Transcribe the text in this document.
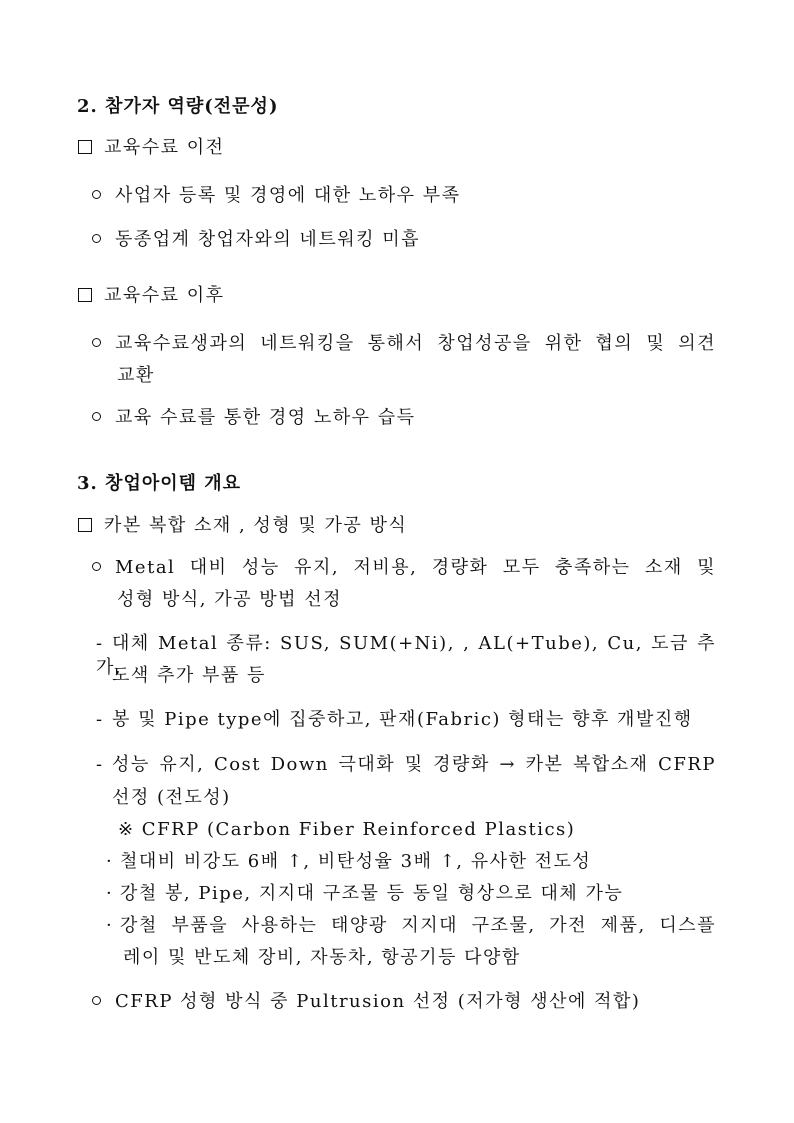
2. 참가자 역량(전문성)
교육수료 이전
사업자 등록 및 경영에 대한 노하우 부족
동종업계 창업자와의 네트워킹 미흡
교육수료 이후
교육수료생과의 네트워킹을 통해서 창업성공을 위한 협의 및 의견
교환
교육 수료를 통한 경영 노하우 습득
3. 창업아이템 개요
카본 복합 소재 , 성형 및 가공 방식
Metal 대비 성능 유지, 저비용, 경량화 모두 충족하는 소재 및
성형 방식, 가공 방법 선정
- 대체 Metal 종류: SUS, SUM(+Ni), , AL(+Tube), Cu, 도금 추가,
도색 추가 부품 등
- 봉 및 Pipe type에 집중하고, 판재(Fabric) 형태는 향후 개발진행
- 성능 유지, Cost Down 극대화 및 경량화 → 카본 복합소재 CFRP
선정 (전도성)
※ CFRP (Carbon Fiber Reinforced Plastics)
· 철대비 비강도 6배 ↑, 비탄성율 3배 ↑, 유사한 전도성
· 강철 봉, Pipe, 지지대 구조물 등 동일 형상으로 대체 가능
· 강철 부품을 사용하는 태양광 지지대 구조물, 가전 제품, 디스플
레이 및 반도체 장비, 자동차, 항공기등 다양함
CFRP 성형 방식 중 Pultrusion 선정 (저가형 생산에 적합)
